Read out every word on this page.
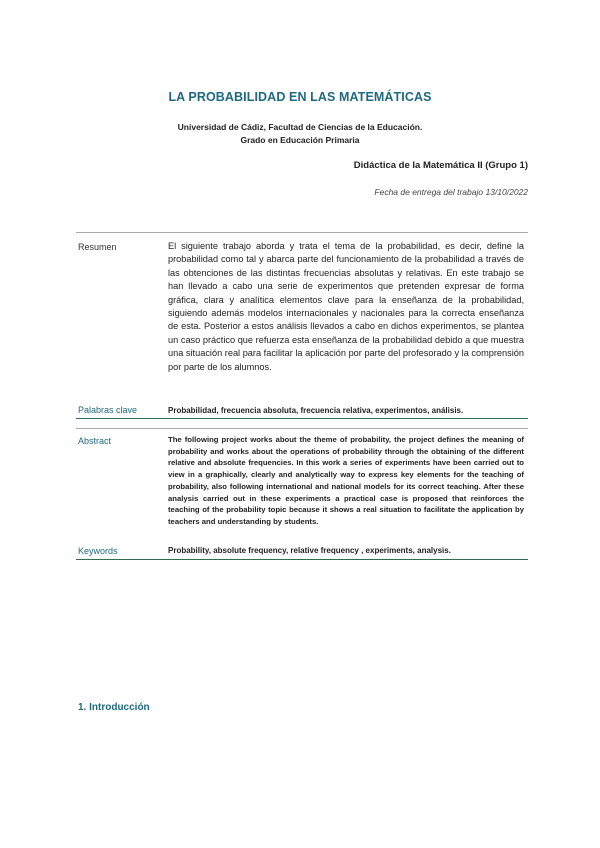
LA PROBABILIDAD EN LAS MATEMÁTICAS
Universidad de Cádiz, Facultad de Ciencias de la Educación.
Grado en Educación Primaria
Didáctica de la Matemática II (Grupo 1)
Fecha de entrega del trabajo 13/10/2022
Resumen	El siguiente trabajo aborda y trata el tema de la probabilidad, es decir, define la probabilidad como tal y abarca parte del funcionamiento de la probabilidad a través de las obtenciones de las distintas frecuencias absolutas y relativas. En este trabajo se han llevado a cabo una serie de experimentos que pretenden expresar de forma gráfica, clara y analítica elementos clave para la enseñanza de la probabilidad, siguiendo además modelos internacionales y nacionales para la correcta enseñanza de esta. Posterior a estos análisis llevados a cabo en dichos experimentos, se plantea un caso práctico que refuerza esta enseñanza de la probabilidad debido a que muestra una situación real para facilitar la aplicación por parte del profesorado y la comprensión por parte de los alumnos.
Palabras clave	Probabilidad, frecuencia absoluta, frecuencia relativa, experimentos, análisis.
Abstract	The following project works about the theme of probability, the project defines the meaning of probability and works about the operations of probability through the obtaining of the different relative and absolute frequencies. In this work a series of experiments have been carried out to view in a graphically, clearly and analytically way to express key elements for the teaching of probability, also following international and national models for its correct teaching. After these analysis carried out in these experiments a practical case is proposed that reinforces the teaching of the probability topic because it shows a real situation to facilitate the application by teachers and understanding by students.
Keywords	Probability, absolute frequency, relative frequency , experiments, analysis.
1. Introducción
